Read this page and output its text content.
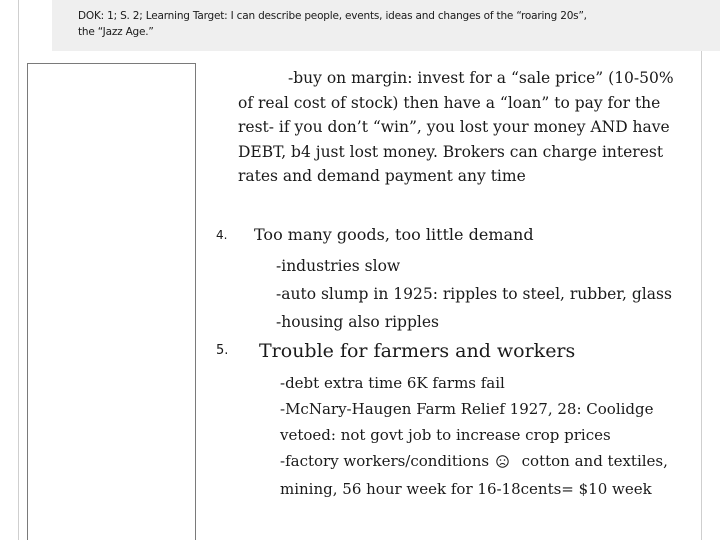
DOK: 1; S. 2; Learning Target: I can describe people, events, ideas and changes of the “roaring 20s”,
the “Jazz Age.”
-buy on margin: invest for a “sale price” (10-50% of real cost of stock) then have a “loan” to pay for the rest- if you don’t “win”, you lost your money AND have DEBT, b4 just lost money. Brokers can charge interest rates and demand payment any time
4. Too many goods, too little demand
-industries slow
-auto slump in 1925: ripples to steel, rubber, glass
-housing also ripples
5. Trouble for farmers and workers
-debt extra time 6K farms fail
-McNary-Haugen Farm Relief 1927, 28: Coolidge
vetoed: not govt job to increase crop prices
-factory workers/conditions cotton and textiles,
mining, 56 hour week for 16-18cents= $10 week
